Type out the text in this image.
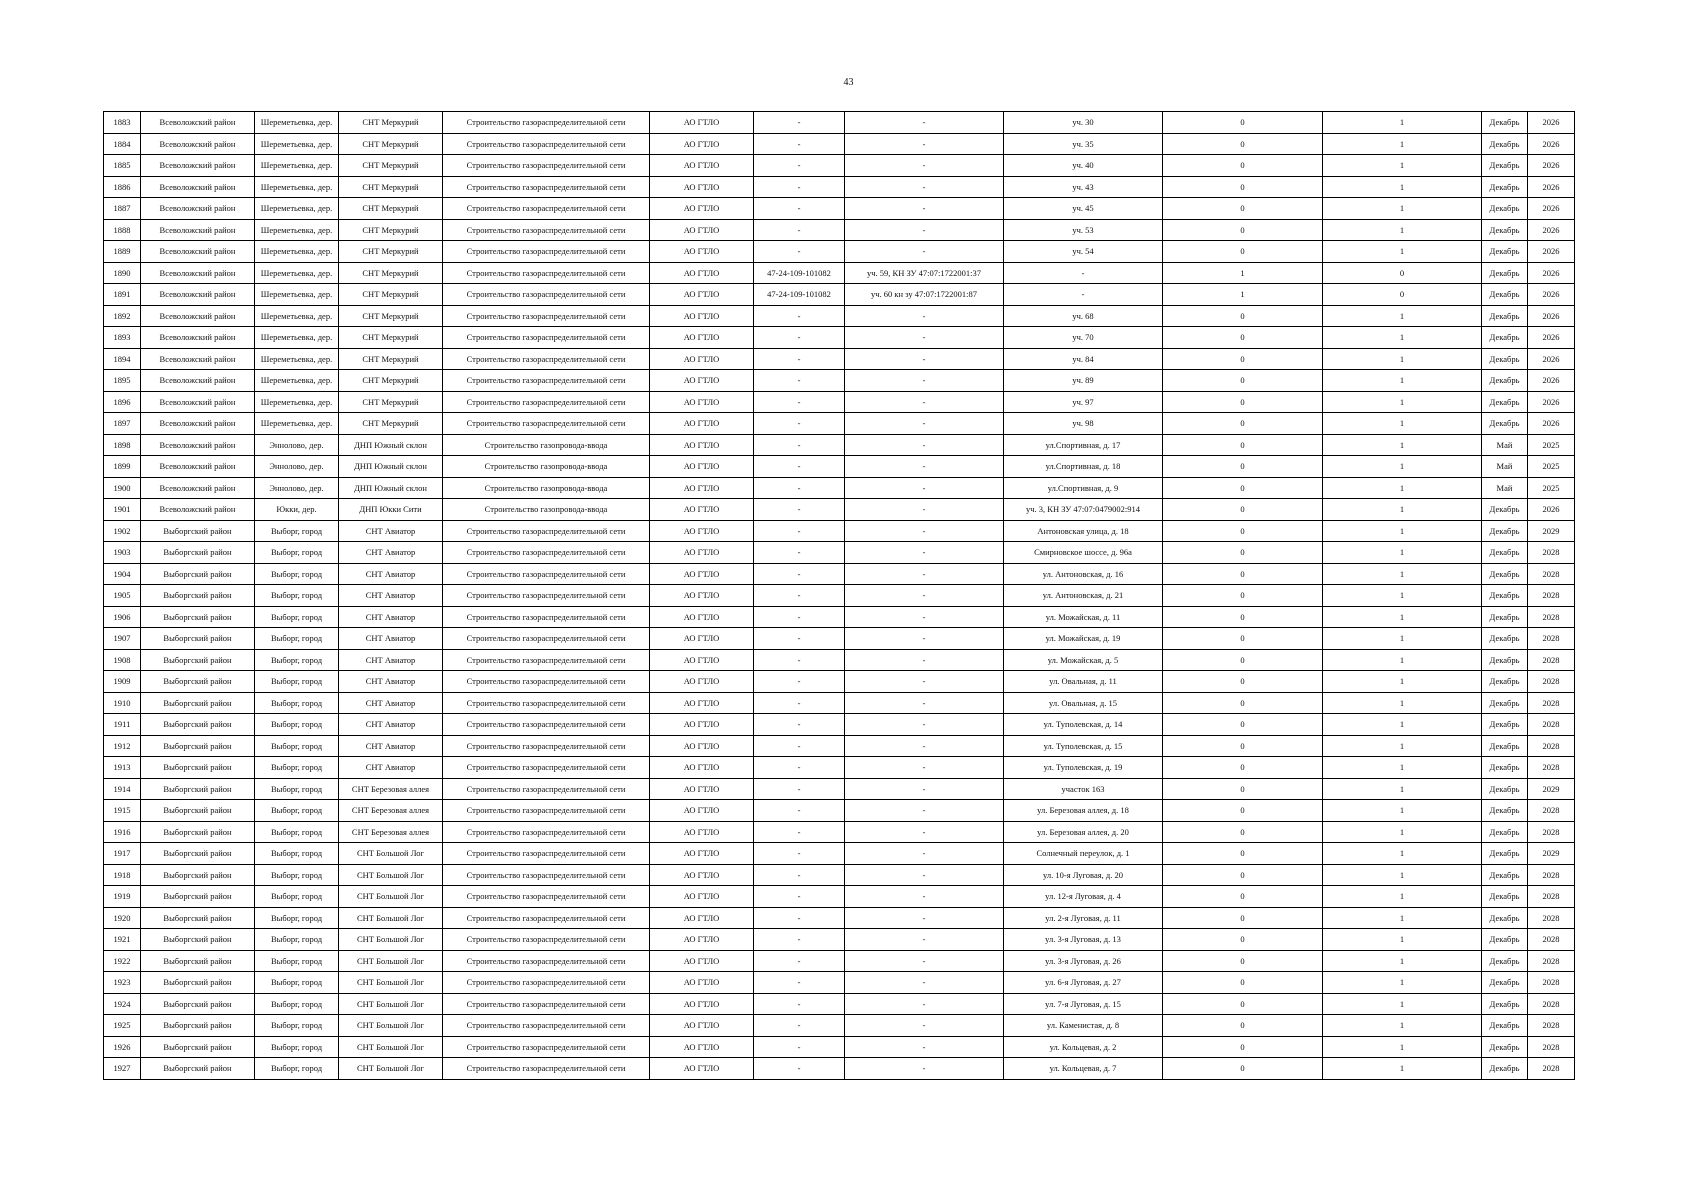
43
1883	Всеволожский район	Шереметьевка, дер.	СНТ Меркурий	Строительство газораспределительной сети	АО ГТЛО	-	-	уч. 30	0	1	Декабрь	2026
1884	Всеволожский район	Шереметьевка, дер.	СНТ Меркурий	Строительство газораспределительной сети	АО ГТЛО	-	-	уч. 35	0	1	Декабрь	2026
1885	Всеволожский район	Шереметьевка, дер.	СНТ Меркурий	Строительство газораспределительной сети	АО ГТЛО	-	-	уч. 40	0	1	Декабрь	2026
1886	Всеволожский район	Шереметьевка, дер.	СНТ Меркурий	Строительство газораспределительной сети	АО ГТЛО	-	-	уч. 43	0	1	Декабрь	2026
1887	Всеволожский район	Шереметьевка, дер.	СНТ Меркурий	Строительство газораспределительной сети	АО ГТЛО	-	-	уч. 45	0	1	Декабрь	2026
1888	Всеволожский район	Шереметьевка, дер.	СНТ Меркурий	Строительство газораспределительной сети	АО ГТЛО	-	-	уч. 53	0	1	Декабрь	2026
1889	Всеволожский район	Шереметьевка, дер.	СНТ Меркурий	Строительство газораспределительной сети	АО ГТЛО	-	-	уч. 54	0	1	Декабрь	2026
1890	Всеволожский район	Шереметьевка, дер.	СНТ Меркурий	Строительство газораспределительной сети	АО ГТЛО	47-24-109-101082	уч. 59, КН ЗУ 47:07:1722001:37	-	1	0	Декабрь	2026
1891	Всеволожский район	Шереметьевка, дер.	СНТ Меркурий	Строительство газораспределительной сети	АО ГТЛО	47-24-109-101082	уч. 60 кн зу 47:07:1722001:87	-	1	0	Декабрь	2026
1892	Всеволожский район	Шереметьевка, дер.	СНТ Меркурий	Строительство газораспределительной сети	АО ГТЛО	-	-	уч. 68	0	1	Декабрь	2026
1893	Всеволожский район	Шереметьевка, дер.	СНТ Меркурий	Строительство газораспределительной сети	АО ГТЛО	-	-	уч. 70	0	1	Декабрь	2026
1894	Всеволожский район	Шереметьевка, дер.	СНТ Меркурий	Строительство газораспределительной сети	АО ГТЛО	-	-	уч. 84	0	1	Декабрь	2026
1895	Всеволожский район	Шереметьевка, дер.	СНТ Меркурий	Строительство газораспределительной сети	АО ГТЛО	-	-	уч. 89	0	1	Декабрь	2026
1896	Всеволожский район	Шереметьевка, дер.	СНТ Меркурий	Строительство газораспределительной сети	АО ГТЛО	-	-	уч. 97	0	1	Декабрь	2026
1897	Всеволожский район	Шереметьевка, дер.	СНТ Меркурий	Строительство газораспределительной сети	АО ГТЛО	-	-	уч. 98	0	1	Декабрь	2026
1898	Всеволожский район	Эннолово, дер.	ДНП Южный склон	Строительство газопровода-ввода	АО ГТЛО	-	-	ул.Спортивная, д. 17	0	1	Май	2025
1899	Всеволожский район	Эннолово, дер.	ДНП Южный склон	Строительство газопровода-ввода	АО ГТЛО	-	-	ул.Спортивная, д. 18	0	1	Май	2025
1900	Всеволожский район	Эннолово, дер.	ДНП Южный склон	Строительство газопровода-ввода	АО ГТЛО	-	-	ул.Спортивная, д. 9	0	1	Май	2025
1901	Всеволожский район	Юкки, дер.	ДНП Юкки Сити	Строительство газопровода-ввода	АО ГТЛО	-	-	уч. 3, КН ЗУ 47:07:0479002:914	0	1	Декабрь	2026
1902	Выборгский район	Выборг, город	СНТ Авиатор	Строительство газораспределительной сети	АО ГТЛО	-	-	Антоновская улица, д. 18	0	1	Декабрь	2029
1903	Выборгский район	Выборг, город	СНТ Авиатор	Строительство газораспределительной сети	АО ГТЛО	-	-	Смирновское шоссе, д. 96а	0	1	Декабрь	2028
1904	Выборгский район	Выборг, город	СНТ Авиатор	Строительство газораспределительной сети	АО ГТЛО	-	-	ул. Антоновская, д. 16	0	1	Декабрь	2028
1905	Выборгский район	Выборг, город	СНТ Авиатор	Строительство газораспределительной сети	АО ГТЛО	-	-	ул. Антоновская, д. 21	0	1	Декабрь	2028
1906	Выборгский район	Выборг, город	СНТ Авиатор	Строительство газораспределительной сети	АО ГТЛО	-	-	ул. Можайская, д. 11	0	1	Декабрь	2028
1907	Выборгский район	Выборг, город	СНТ Авиатор	Строительство газораспределительной сети	АО ГТЛО	-	-	ул. Можайская, д. 19	0	1	Декабрь	2028
1908	Выборгский район	Выборг, город	СНТ Авиатор	Строительство газораспределительной сети	АО ГТЛО	-	-	ул. Можайская, д. 5	0	1	Декабрь	2028
1909	Выборгский район	Выборг, город	СНТ Авиатор	Строительство газораспределительной сети	АО ГТЛО	-	-	ул. Овальная, д. 11	0	1	Декабрь	2028
1910	Выборгский район	Выборг, город	СНТ Авиатор	Строительство газораспределительной сети	АО ГТЛО	-	-	ул. Овальная, д. 15	0	1	Декабрь	2028
1911	Выборгский район	Выборг, город	СНТ Авиатор	Строительство газораспределительной сети	АО ГТЛО	-	-	ул. Туполевская, д. 14	0	1	Декабрь	2028
1912	Выборгский район	Выборг, город	СНТ Авиатор	Строительство газораспределительной сети	АО ГТЛО	-	-	ул. Туполевская, д. 15	0	1	Декабрь	2028
1913	Выборгский район	Выборг, город	СНТ Авиатор	Строительство газораспределительной сети	АО ГТЛО	-	-	ул. Туполевская, д. 19	0	1	Декабрь	2028
1914	Выборгский район	Выборг, город	СНТ Березовая аллея	Строительство газораспределительной сети	АО ГТЛО	-	-	участок 163	0	1	Декабрь	2029
1915	Выборгский район	Выборг, город	СНТ Березовая аллея	Строительство газораспределительной сети	АО ГТЛО	-	-	ул. Березовая аллея, д. 18	0	1	Декабрь	2028
1916	Выборгский район	Выборг, город	СНТ Березовая аллея	Строительство газораспределительной сети	АО ГТЛО	-	-	ул. Березовая аллея, д. 20	0	1	Декабрь	2028
1917	Выборгский район	Выборг, город	СНТ Большой Лог	Строительство газораспределительной сети	АО ГТЛО	-	-	Солнечный переулок, д. 1	0	1	Декабрь	2029
1918	Выборгский район	Выборг, город	СНТ Большой Лог	Строительство газораспределительной сети	АО ГТЛО	-	-	ул. 10-я Луговая, д. 20	0	1	Декабрь	2028
1919	Выборгский район	Выборг, город	СНТ Большой Лог	Строительство газораспределительной сети	АО ГТЛО	-	-	ул. 12-я Луговая, д. 4	0	1	Декабрь	2028
1920	Выборгский район	Выборг, город	СНТ Большой Лог	Строительство газораспределительной сети	АО ГТЛО	-	-	ул. 2-я Луговая, д. 11	0	1	Декабрь	2028
1921	Выборгский район	Выборг, город	СНТ Большой Лог	Строительство газораспределительной сети	АО ГТЛО	-	-	ул. 3-я Луговая, д. 13	0	1	Декабрь	2028
1922	Выборгский район	Выборг, город	СНТ Большой Лог	Строительство газораспределительной сети	АО ГТЛО	-	-	ул. 3-я Луговая, д. 26	0	1	Декабрь	2028
1923	Выборгский район	Выборг, город	СНТ Большой Лог	Строительство газораспределительной сети	АО ГТЛО	-	-	ул. 6-я Луговая, д. 27	0	1	Декабрь	2028
1924	Выборгский район	Выборг, город	СНТ Большой Лог	Строительство газораспределительной сети	АО ГТЛО	-	-	ул. 7-я Луговая, д. 15	0	1	Декабрь	2028
1925	Выборгский район	Выборг, город	СНТ Большой Лог	Строительство газораспределительной сети	АО ГТЛО	-	-	ул. Каменистая, д. 8	0	1	Декабрь	2028
1926	Выборгский район	Выборг, город	СНТ Большой Лог	Строительство газораспределительной сети	АО ГТЛО	-	-	ул. Кольцевая, д. 2	0	1	Декабрь	2028
1927	Выборгский район	Выборг, город	СНТ Большой Лог	Строительство газораспределительной сети	АО ГТЛО	-	-	ул. Кольцевая, д. 7	0	1	Декабрь	2028
